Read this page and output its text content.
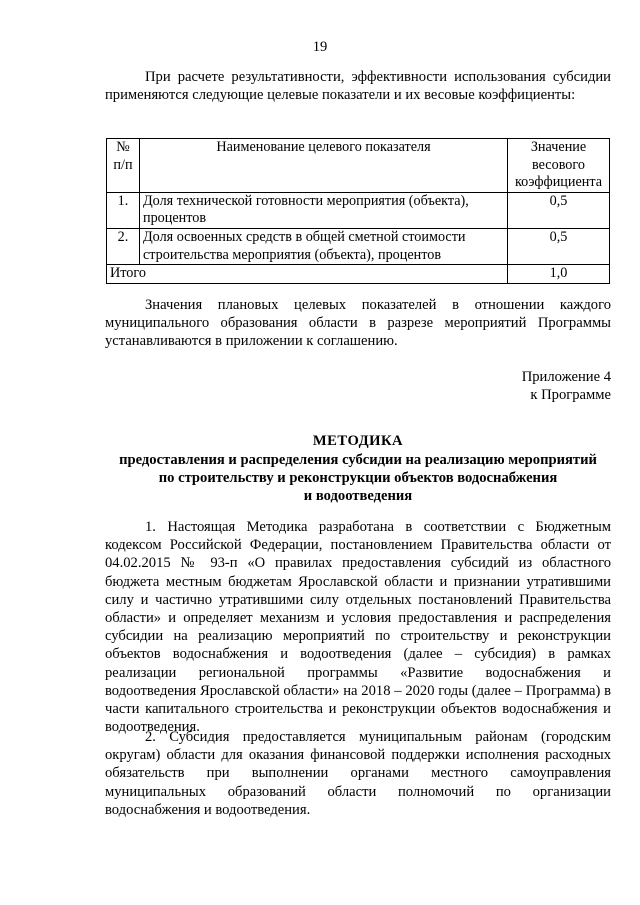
19
При расчете результативности, эффективности использования субсидии применяются следующие целевые показатели и их весовые коэффициенты:
№ п/п	Наименование целевого показателя	Значение весового коэффициента
1.	Доля технической готовности мероприятия (объекта), процентов	0,5
2.	Доля освоенных средств в общей сметной стоимости строительства мероприятия (объекта), процентов	0,5
Итого		1,0
Значения плановых целевых показателей в отношении каждого муниципального образования области в разрезе мероприятий Программы устанавливаются в приложении к соглашению.
Приложение 4
к Программе
МЕТОДИКА
предоставления и распределения субсидии на реализацию мероприятий
по строительству и реконструкции объектов водоснабжения
и водоотведения
1. Настоящая Методика разработана в соответствии с Бюджетным кодексом Российской Федерации, постановлением Правительства области от 04.02.2015 № 93-п «О правилах предоставления субсидий из областного бюджета местным бюджетам Ярославской области и признании утратившими силу и частично утратившими силу отдельных постановлений Правительства области» и определяет механизм и условия предоставления и распределения субсидии на реализацию мероприятий по строительству и реконструкции объектов водоснабжения и водоотведения (далее – субсидия) в рамках реализации региональной программы «Развитие водоснабжения и водоотведения Ярославской области» на 2018 – 2020 годы (далее – Программа) в части капитального строительства и реконструкции объектов водоснабжения и водоотведения.
2. Субсидия предоставляется муниципальным районам (городским округам) области для оказания финансовой поддержки исполнения расходных обязательств при выполнении органами местного самоуправления муниципальных образований области полномочий по организации водоснабжения и водоотведения.
